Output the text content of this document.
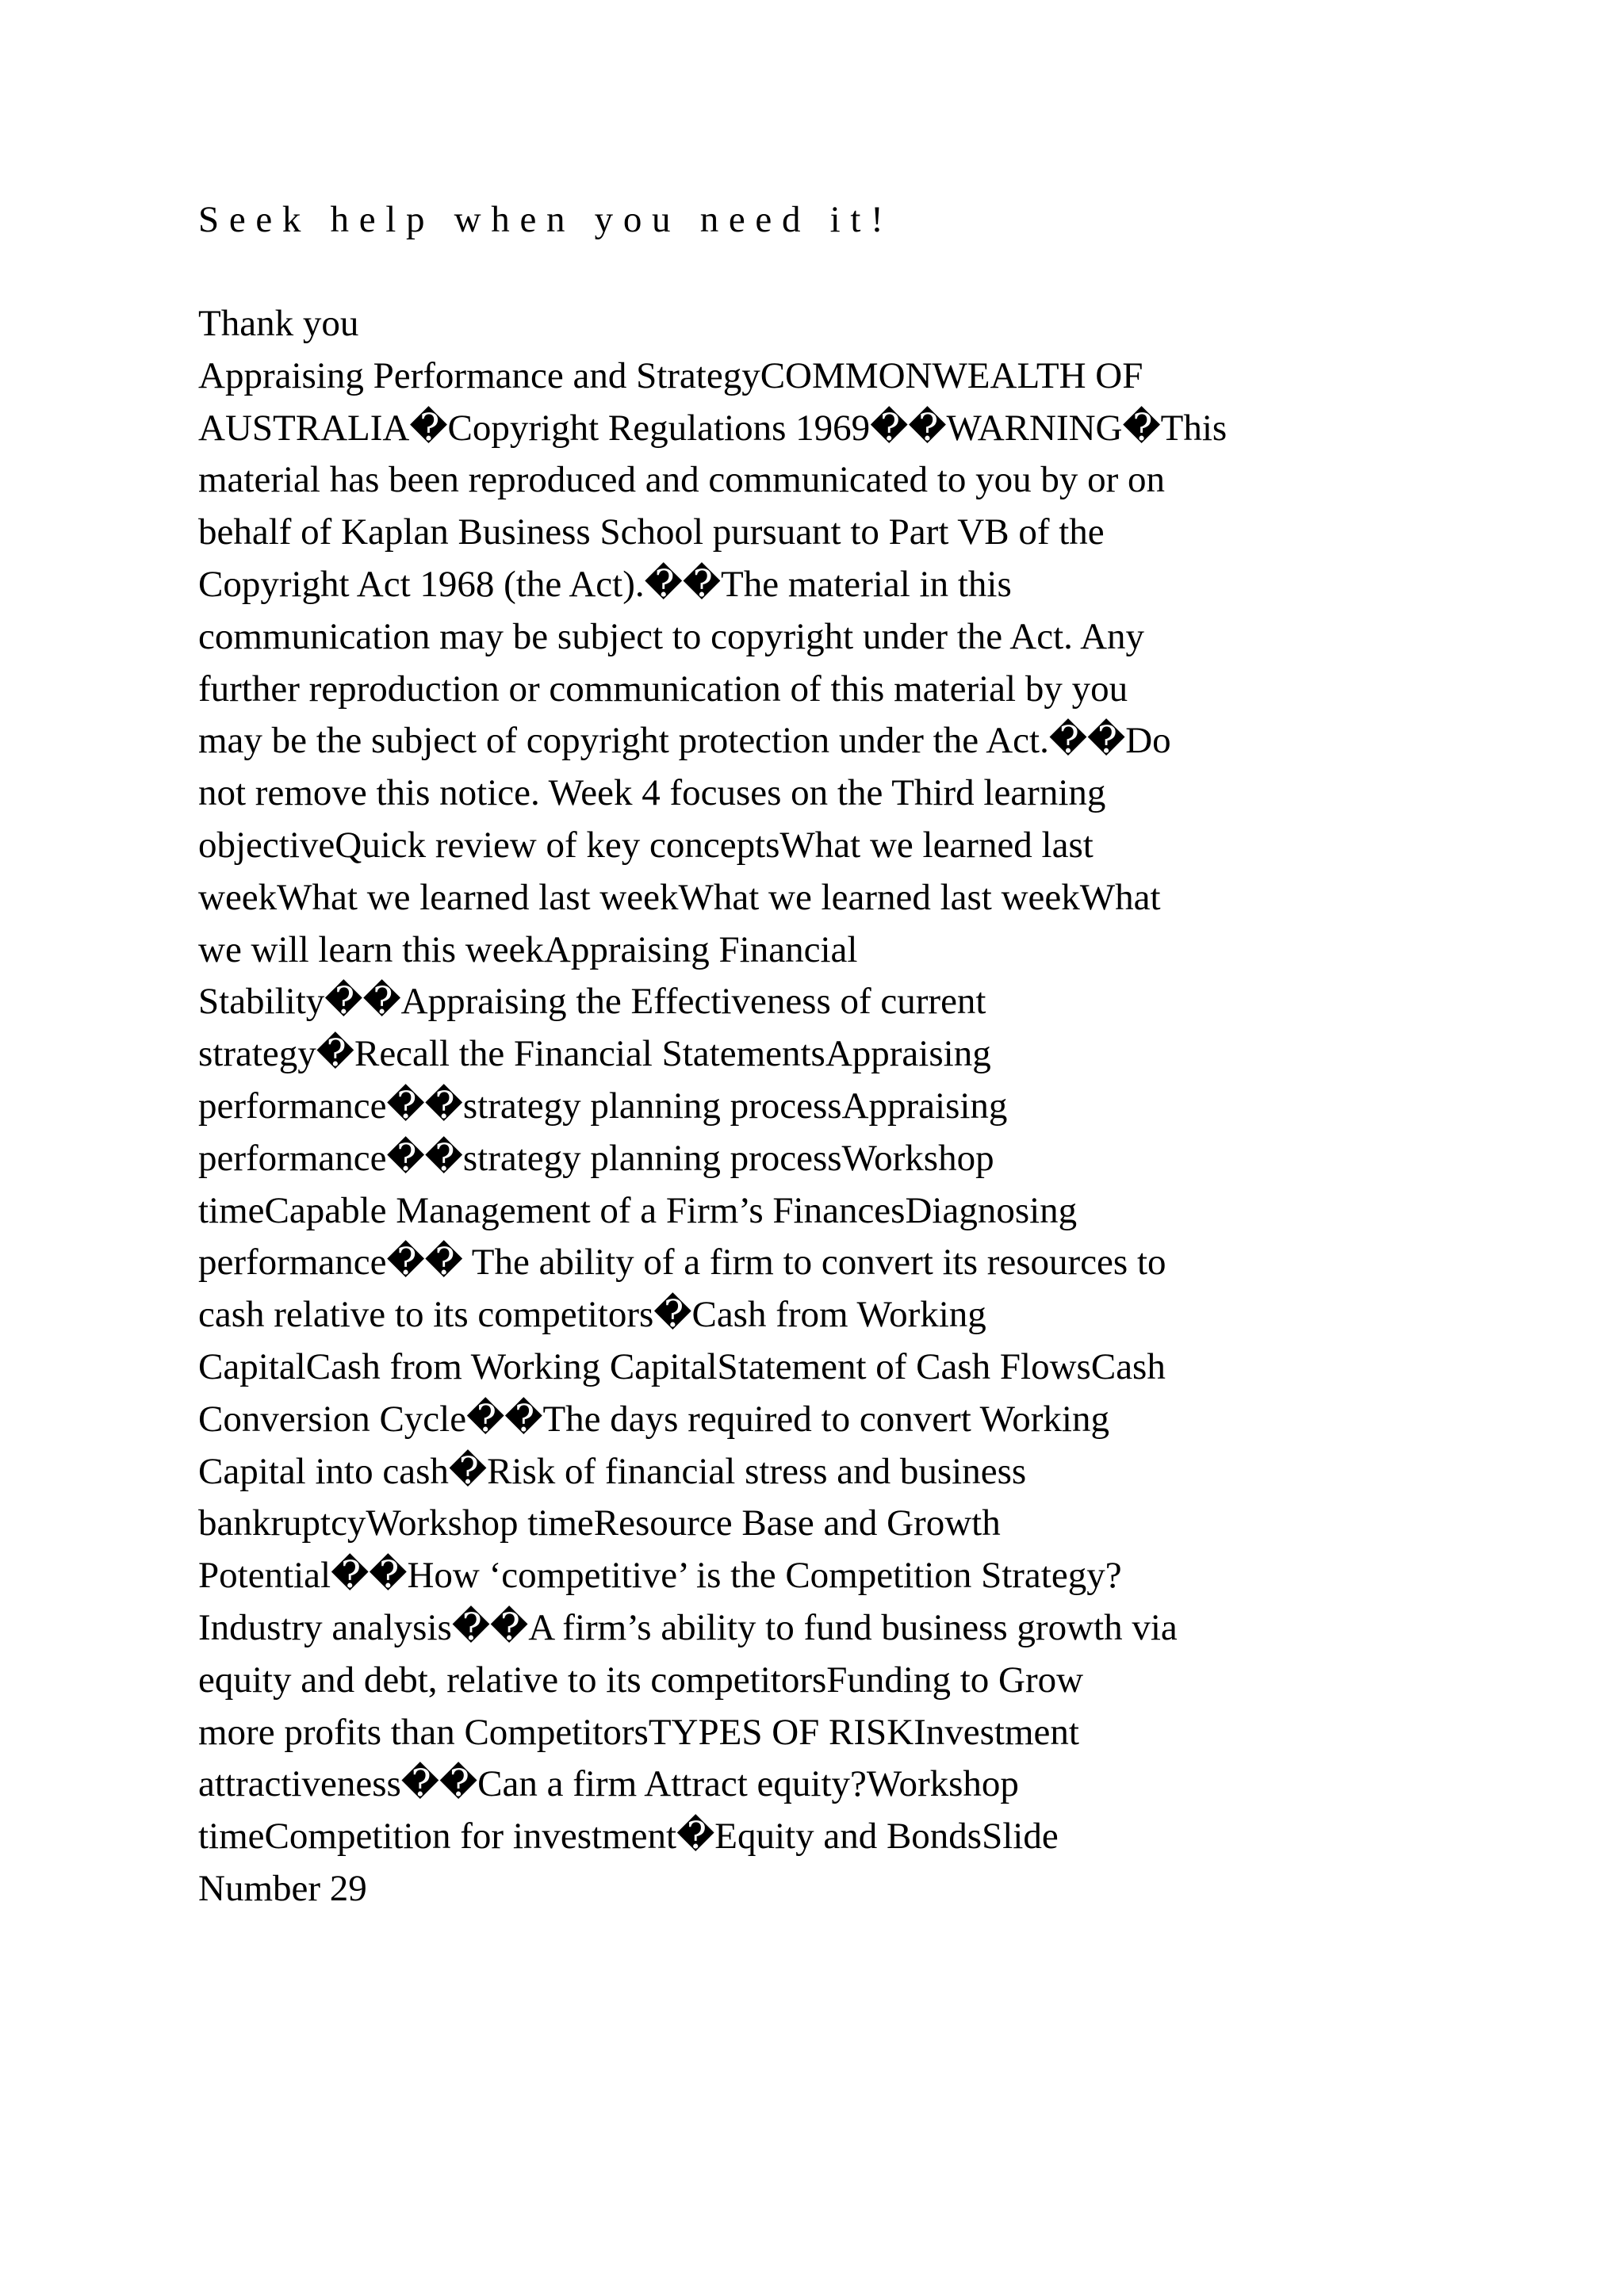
Seek help when you need it!
Thank you
Appraising Performance and StrategyCOMMONWEALTH OF
AUSTRALIA�Copyright Regulations 1969��WARNING�This
material has been reproduced and communicated to you by or on
behalf of Kaplan Business School pursuant to Part VB of the
Copyright Act 1968 (the Act).��The material in this
communication may be subject to copyright under the Act. Any
further reproduction or communication of this material by you
may be the subject of copyright protection under the Act.��Do
not remove this notice. Week 4 focuses on the Third learning
objectiveQuick review of key conceptsWhat we learned last
weekWhat we learned last weekWhat we learned last weekWhat
we will learn this weekAppraising Financial
Stability��Appraising the Effectiveness of current
strategy�Recall the Financial StatementsAppraising
performance��strategy planning processAppraising
performance��strategy planning processWorkshop
timeCapable Management of a Firm’s FinancesDiagnosing
performance�� The ability of a firm to convert its resources to
cash relative to its competitors�Cash from Working
CapitalCash from Working CapitalStatement of Cash FlowsCash
Conversion Cycle��The days required to convert Working
Capital into cash�Risk of financial stress and business
bankruptcyWorkshop timeResource Base and Growth
Potential��How ‘competitive’ is the Competition Strategy?
Industry analysis��A firm’s ability to fund business growth via
equity and debt, relative to its competitorsFunding to Grow
more profits than CompetitorsTYPES OF RISKInvestment
attractiveness��Can a firm Attract equity?Workshop
timeCompetition for investment�Equity and BondsSlide
Number 29
